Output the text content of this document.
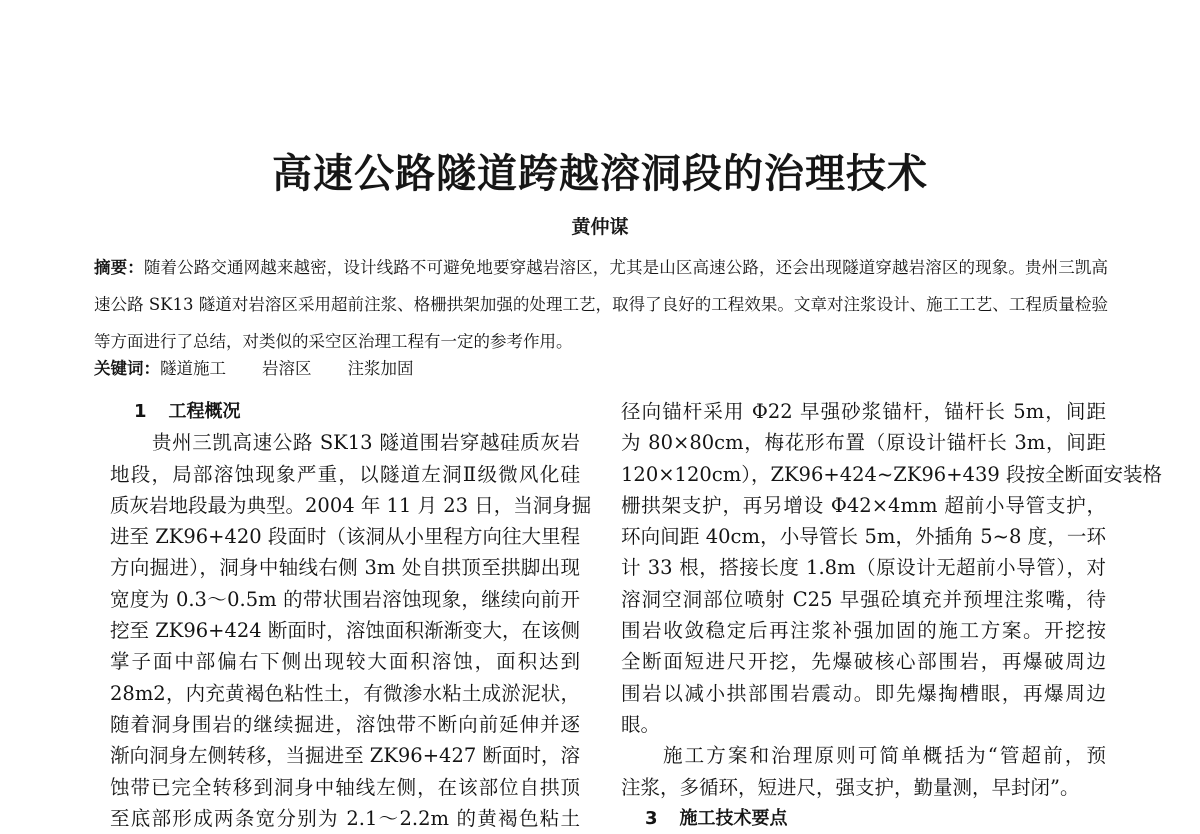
高速公路隧道跨越溶洞段的治理技术
黄仲谋
摘要：随着公路交通网越来越密，设计线路不可避免地要穿越岩溶区，尤其是山区高速公路，还会出现隧道穿越岩溶区的现象。贵州三凯高速公路 SK13 隧道对岩溶区采用超前注浆、格栅拱架加强的处理工艺，取得了良好的工程效果。文章对注浆设计、施工工艺、工程质量检验等方面进行了总结，对类似的采空区治理工程有一定的参考作用。
关键词：隧道施工 岩溶区 注浆加固
1 工程概况
贵州三凯高速公路 SK13 隧道围岩穿越硅质灰岩
地段，局部溶蚀现象严重，以隧道左洞Ⅱ级微风化硅
质灰岩地段最为典型。2004 年 11 月 23 日，当洞身掘
进至 ZK96+420 段面时（该洞从小里程方向往大里程
方向掘进），洞身中轴线右侧 3m 处自拱顶至拱脚出现
宽度为 0.3～0.5m 的带状围岩溶蚀现象，继续向前开
挖至 ZK96+424 断面时，溶蚀面积渐渐变大，在该侧
掌子面中部偏右下侧出现较大面积溶蚀，面积达到
28m2，内充黄褐色粘性土，有微渗水粘土成淤泥状，
随着洞身围岩的继续掘进，溶蚀带不断向前延伸并逐
渐向洞身左侧转移，当掘进至 ZK96+427 断面时，溶
蚀带已完全转移到洞身中轴线左侧，在该部位自拱顶
至底部形成两条宽分别为 2.1～2.2m 的黄褐色粘土
径向锚杆采用 Φ22 早强砂浆锚杆，锚杆长 5m，间距
为 80×80cm，梅花形布置（原设计锚杆长 3m，间距
120×120cm），ZK96+424~ZK96+439 段按全断面安装格
栅拱架支护，再另增设 Φ42×4mm 超前小导管支护，
环向间距 40cm，小导管长 5m，外插角 5~8 度，一环
计 33 根，搭接长度 1.8m（原设计无超前小导管），对
溶洞空洞部位喷射 C25 早强砼填充并预埋注浆嘴，待
围岩收敛稳定后再注浆补强加固的施工方案。开挖按
全断面短进尺开挖，先爆破核心部围岩，再爆破周边
围岩以减小拱部围岩震动。即先爆掏槽眼，再爆周边
眼。
施工方案和治理原则可简单概括为“管超前，预
注浆，多循环，短进尺，强支护，勤量测，早封闭”。
3 施工技术要点
